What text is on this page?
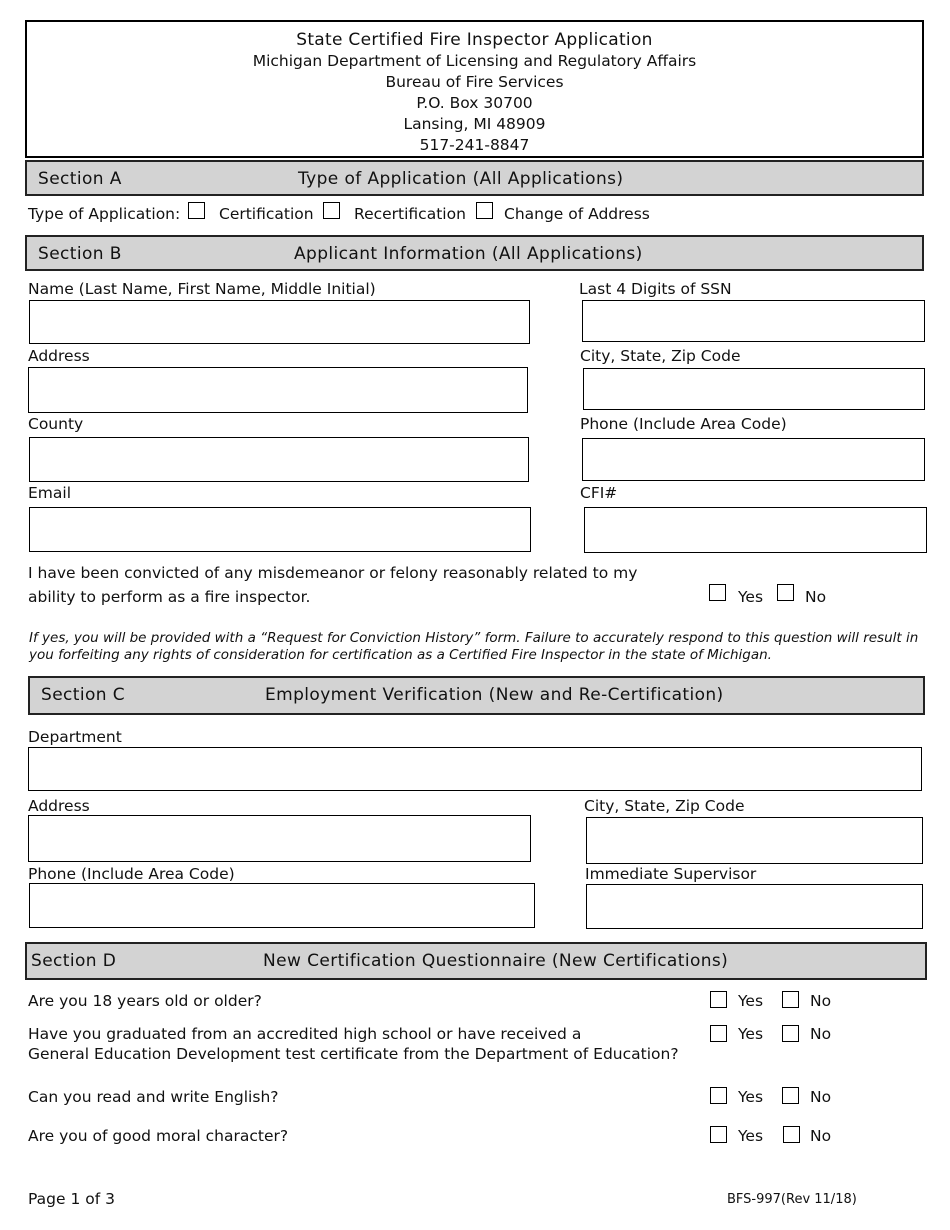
State Certified Fire Inspector Application
Michigan Department of Licensing and Regulatory Affairs
Bureau of Fire Services
P.O. Box 30700
Lansing, MI 48909
517-241-8847
Section A	Type of Application (All Applications)
Type of Application:	Certification	Recertification Change of Address
Section B	Applicant Information (All Applications)
Name (Last Name, First Name, Middle Initial)	Last 4 Digits of SSN
Address	City, State, Zip Code
County	Phone (Include Area Code)
Email	CFI#
I have been convicted of any misdemeanor or felony reasonably related to my
ability to perform as a fire inspector.	Yes	No
If yes, you will be provided with a “Request for Conviction History” form. Failure to accurately respond to this question will result in
you forfeiting any rights of consideration for certification as a Certified Fire Inspector in the state of Michigan.
Section C	Employment Verification (New and Re-Certification)
Department
Address	City, State, Zip Code
Phone (Include Area Code)	Immediate Supervisor
Section D	New Certification Questionnaire (New Certifications)
Are you 18 years old or older?	Yes	No
Have you graduated from an accredited high school or have received a
General Education Development test certificate from the Department of Education?
Yes	No
Can you read and write English?	Yes	No
Are you of good moral character?	Yes	No
Page 1 of 3	BFS-997(Rev 11/18)
